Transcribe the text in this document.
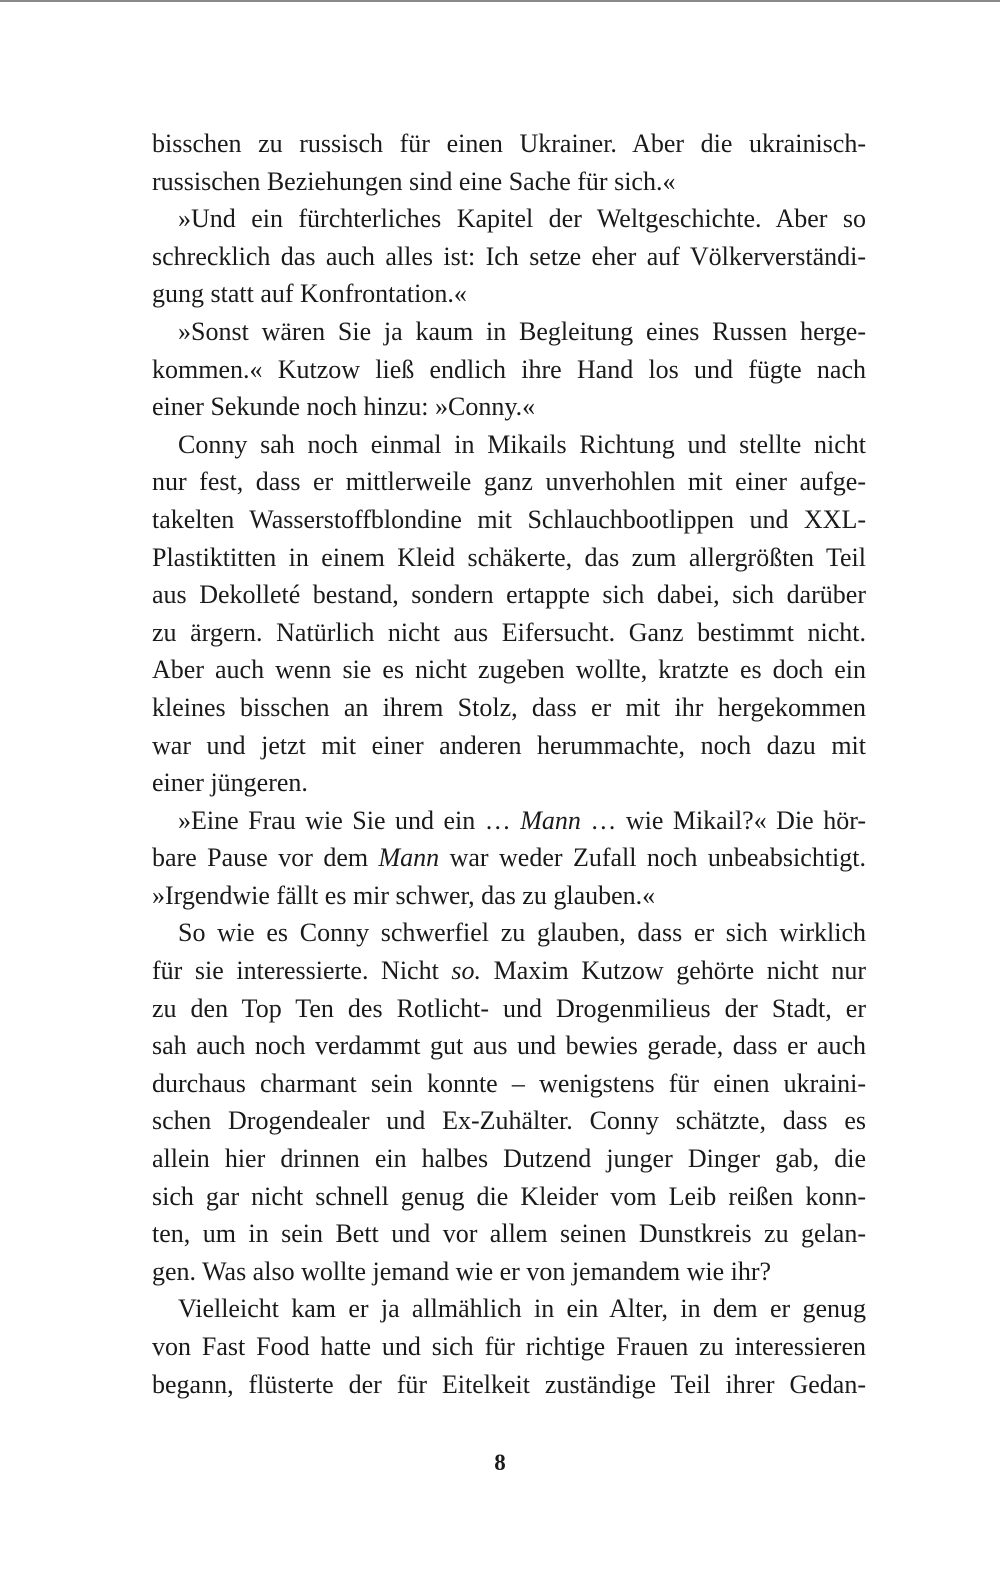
bisschen zu russisch für einen Ukrainer. Aber die ukrainisch-
russischen Beziehungen sind eine Sache für sich.«
»Und ein fürchterliches Kapitel der Weltgeschichte. Aber so
schrecklich das auch alles ist: Ich setze eher auf Völkerverständi-
gung statt auf Konfrontation.«
»Sonst wären Sie ja kaum in Begleitung eines Russen herge-
kommen.« Kutzow ließ endlich ihre Hand los und fügte nach
einer Sekunde noch hinzu: »Conny.«
Conny sah noch einmal in Mikails Richtung und stellte nicht
nur fest, dass er mittlerweile ganz unverhohlen mit einer aufge-
takelten Wasserstoffblondine mit Schlauchbootlippen und XXL-
Plastiktitten in einem Kleid schäkerte, das zum allergrößten Teil
aus Dekolleté bestand, sondern ertappte sich dabei, sich darüber
zu ärgern. Natürlich nicht aus Eifersucht. Ganz bestimmt nicht.
Aber auch wenn sie es nicht zugeben wollte, kratzte es doch ein
kleines bisschen an ihrem Stolz, dass er mit ihr hergekommen
war und jetzt mit einer anderen herummachte, noch dazu mit
einer jüngeren.
»Eine Frau wie Sie und ein … Mann … wie Mikail?« Die hör-
bare Pause vor dem Mann war weder Zufall noch unbeabsichtigt.
»Irgendwie fällt es mir schwer, das zu glauben.«
So wie es Conny schwerfiel zu glauben, dass er sich wirklich
für sie interessierte. Nicht so. Maxim Kutzow gehörte nicht nur
zu den Top Ten des Rotlicht- und Drogenmilieus der Stadt, er
sah auch noch verdammt gut aus und bewies gerade, dass er auch
durchaus charmant sein konnte – wenigstens für einen ukraini-
schen Drogendealer und Ex-Zuhälter. Conny schätzte, dass es
allein hier drinnen ein halbes Dutzend junger Dinger gab, die
sich gar nicht schnell genug die Kleider vom Leib reißen konn-
ten, um in sein Bett und vor allem seinen Dunstkreis zu gelan-
gen. Was also wollte jemand wie er von jemandem wie ihr?
Vielleicht kam er ja allmählich in ein Alter, in dem er genug
von Fast Food hatte und sich für richtige Frauen zu interessieren
begann, flüsterte der für Eitelkeit zuständige Teil ihrer Gedan-
8
